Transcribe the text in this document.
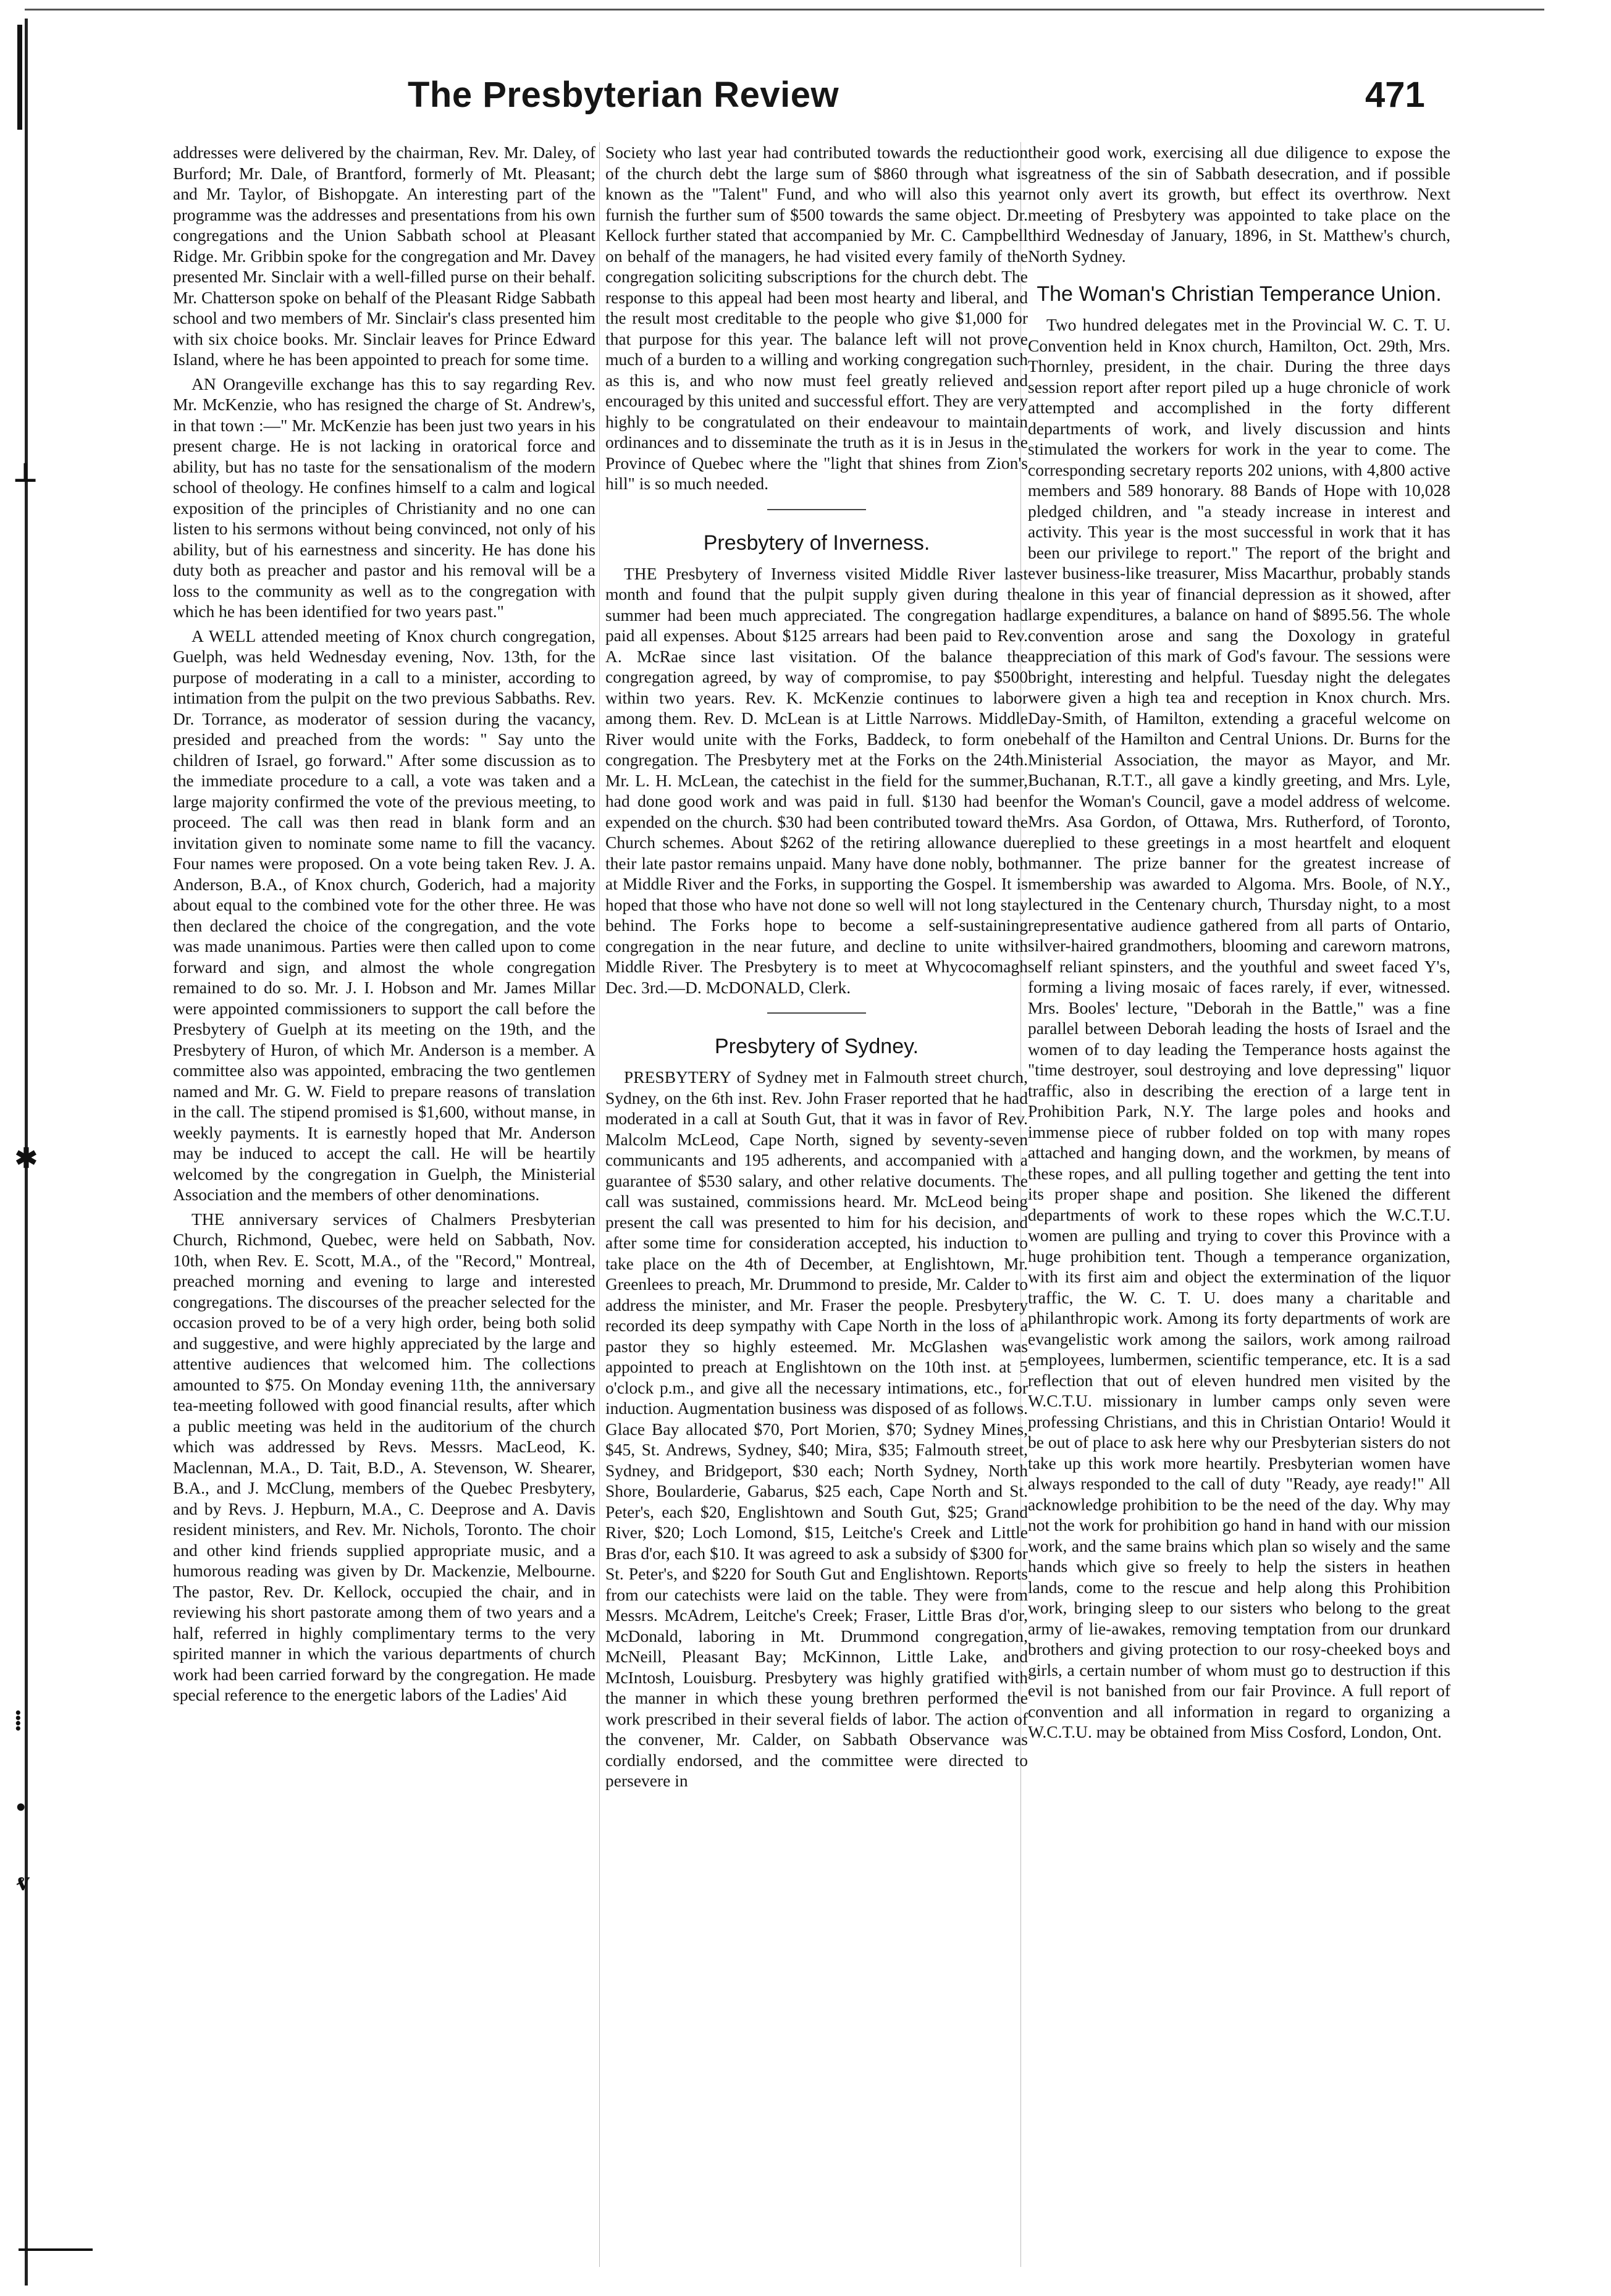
⊥
✱
⁞
•
ⱴ
The Presbyterian Review	471

addresses were delivered by the chairman, Rev. Mr. Daley, of Burford; Mr. Dale, of Brantford, formerly of Mt. Pleasant; and Mr. Taylor, of Bishopgate. An interesting part of the programme was the addresses and presentations from his own congregations and the Union Sabbath school at Pleasant Ridge. Mr. Gribbin spoke for the congregation and Mr. Davey presented Mr. Sinclair with a well-filled purse on their behalf. Mr. Chatterson spoke on behalf of the Pleasant Ridge Sabbath school and two members of Mr. Sinclair's class presented him with six choice books. Mr. Sinclair leaves for Prince Edward Island, where he has been appointed to preach for some time.

AN Orangeville exchange has this to say regarding Rev. Mr. McKenzie, who has resigned the charge of St. Andrew's, in that town :—" Mr. McKenzie has been just two years in his present charge. He is not lacking in oratorical force and ability, but has no taste for the sensationalism of the modern school of theology. He confines himself to a calm and logical exposition of the principles of Christianity and no one can listen to his sermons without being convinced, not only of his ability, but of his earnestness and sincerity. He has done his duty both as preacher and pastor and his removal will be a loss to the community as well as to the congregation with which he has been identified for two years past."

A WELL attended meeting of Knox church congregation, Guelph, was held Wednesday evening, Nov. 13th, for the purpose of moderating in a call to a minister, according to intimation from the pulpit on the two previous Sabbaths. Rev. Dr. Torrance, as moderator of session during the vacancy, presided and preached from the words: " Say unto the children of Israel, go forward." After some discussion as to the immediate procedure to a call, a vote was taken and a large majority confirmed the vote of the previous meeting, to proceed. The call was then read in blank form and an invitation given to nominate some name to fill the vacancy. Four names were proposed. On a vote being taken Rev. J. A. Anderson, B.A., of Knox church, Goderich, had a majority about equal to the combined vote for the other three. He was then declared the choice of the congregation, and the vote was made unanimous. Parties were then called upon to come forward and sign, and almost the whole congregation remained to do so. Mr. J. I. Hobson and Mr. James Millar were appointed commissioners to support the call before the Presbytery of Guelph at its meeting on the 19th, and the Presbytery of Huron, of which Mr. Anderson is a member. A committee also was appointed, embracing the two gentlemen named and Mr. G. W. Field to prepare reasons of translation in the call. The stipend promised is $1,600, without manse, in weekly payments. It is earnestly hoped that Mr. Anderson may be induced to accept the call. He will be heartily welcomed by the congregation in Guelph, the Ministerial Association and the members of other denominations.

THE anniversary services of Chalmers Presbyterian Church, Richmond, Quebec, were held on Sabbath, Nov. 10th, when Rev. E. Scott, M.A., of the "Record," Montreal, preached morning and evening to large and interested congregations. The discourses of the preacher selected for the occasion proved to be of a very high order, being both solid and suggestive, and were highly appreciated by the large and attentive audiences that welcomed him. The collections amounted to $75. On Monday evening 11th, the anniversary tea-meeting followed with good financial results, after which a public meeting was held in the auditorium of the church which was addressed by Revs. Messrs. MacLeod, K. Maclennan, M.A., D. Tait, B.D., A. Stevenson, W. Shearer, B.A., and J. McClung, members of the Quebec Presbytery, and by Revs. J. Hepburn, M.A., C. Deeprose and A. Davis resident ministers, and Rev. Mr. Nichols, Toronto. The choir and other kind friends supplied appropriate music, and a humorous reading was given by Dr. Mackenzie, Melbourne. The pastor, Rev. Dr. Kellock, occupied the chair, and in reviewing his short pastorate among them of two years and a half, referred in highly complimentary terms to the very spirited manner in which the various departments of church work had been carried forward by the congregation. He made special reference to the energetic labors of the Ladies' Aid

Society who last year had contributed towards the reduction of the church debt the large sum of $860 through what is known as the "Talent" Fund, and who will also this year furnish the further sum of $500 towards the same object. Dr. Kellock further stated that accompanied by Mr. C. Campbell on behalf of the managers, he had visited every family of the congregation soliciting subscriptions for the church debt. The response to this appeal had been most hearty and liberal, and the result most creditable to the people who give $1,000 for that purpose for this year. The balance left will not prove much of a burden to a willing and working congregation such as this is, and who now must feel greatly relieved and encouraged by this united and successful effort. They are very highly to be congratulated on their endeavour to maintain ordinances and to disseminate the truth as it is in Jesus in the Province of Quebec where the "light that shines from Zion's hill" is so much needed.

Presbytery of Inverness.

THE Presbytery of Inverness visited Middle River last month and found that the pulpit supply given during the summer had been much appreciated. The congregation had paid all expenses. About $125 arrears had been paid to Rev. A. McRae since last visitation. Of the balance the congregation agreed, by way of compromise, to pay $500 within two years. Rev. K. McKenzie continues to labor among them. Rev. D. McLean is at Little Narrows. Middle River would unite with the Forks, Baddeck, to form one congregation. The Presbytery met at the Forks on the 24th. Mr. L. H. McLean, the catechist in the field for the summer, had done good work and was paid in full. $130 had been expended on the church. $30 had been contributed toward the Church schemes. About $262 of the retiring allowance due their late pastor remains unpaid. Many have done nobly, both at Middle River and the Forks, in supporting the Gospel. It is hoped that those who have not done so well will not long stay behind. The Forks hope to become a self-sustaining congregation in the near future, and decline to unite with Middle River. The Presbytery is to meet at Whycocomagh Dec. 3rd.—D. McDONALD, Clerk.

Presbytery of Sydney.

PRESBYTERY of Sydney met in Falmouth street church, Sydney, on the 6th inst. Rev. John Fraser reported that he had moderated in a call at South Gut, that it was in favor of Rev. Malcolm McLeod, Cape North, signed by seventy-seven communicants and 195 adherents, and accompanied with a guarantee of $530 salary, and other relative documents. The call was sustained, commissions heard. Mr. McLeod being present the call was presented to him for his decision, and after some time for consideration accepted, his induction to take place on the 4th of December, at Englishtown, Mr. Greenlees to preach, Mr. Drummond to preside, Mr. Calder to address the minister, and Mr. Fraser the people. Presbytery recorded its deep sympathy with Cape North in the loss of a pastor they so highly esteemed. Mr. McGlashen was appointed to preach at Englishtown on the 10th inst. at 5 o'clock p.m., and give all the necessary intimations, etc., for induction. Augmentation business was disposed of as follows. Glace Bay allocated $70, Port Morien, $70; Sydney Mines, $45, St. Andrews, Sydney, $40; Mira, $35; Falmouth street, Sydney, and Bridgeport, $30 each; North Sydney, North Shore, Boularderie, Gabarus, $25 each, Cape North and St. Peter's, each $20, Englishtown and South Gut, $25; Grand River, $20; Loch Lomond, $15, Leitche's Creek and Little Bras d'or, each $10. It was agreed to ask a subsidy of $300 for St. Peter's, and $220 for South Gut and Englishtown. Reports from our catechists were laid on the table. They were from Messrs. McAdrem, Leitche's Creek; Fraser, Little Bras d'or, McDonald, laboring in Mt. Drummond congregation, McNeill, Pleasant Bay; McKinnon, Little Lake, and McIntosh, Louisburg. Presbytery was highly gratified with the manner in which these young brethren performed the work prescribed in their several fields of labor. The action of the convener, Mr. Calder, on Sabbath Observance was cordially endorsed, and the committee were directed to persevere in

their good work, exercising all due diligence to expose the greatness of the sin of Sabbath desecration, and if possible not only avert its growth, but effect its overthrow. Next meeting of Presbytery was appointed to take place on the third Wednesday of January, 1896, in St. Matthew's church, North Sydney.

The Woman's Christian Temperance Union.

Two hundred delegates met in the Provincial W. C. T. U. Convention held in Knox church, Hamilton, Oct. 29th, Mrs. Thornley, president, in the chair. During the three days session report after report piled up a huge chronicle of work attempted and accomplished in the forty different departments of work, and lively discussion and hints stimulated the workers for work in the year to come. The corresponding secretary reports 202 unions, with 4,800 active members and 589 honorary. 88 Bands of Hope with 10,028 pledged children, and "a steady increase in interest and activity. This year is the most successful in work that it has been our privilege to report." The report of the bright and ever business-like treasurer, Miss Macarthur, probably stands alone in this year of financial depression as it showed, after large expenditures, a balance on hand of $895.56. The whole convention arose and sang the Doxology in grateful appreciation of this mark of God's favour. The sessions were bright, interesting and helpful. Tuesday night the delegates were given a high tea and reception in Knox church. Mrs. Day-Smith, of Hamilton, extending a graceful welcome on behalf of the Hamilton and Central Unions. Dr. Burns for the Ministerial Association, the mayor as Mayor, and Mr. Buchanan, R.T.T., all gave a kindly greeting, and Mrs. Lyle, for the Woman's Council, gave a model address of welcome. Mrs. Asa Gordon, of Ottawa, Mrs. Rutherford, of Toronto, replied to these greetings in a most heartfelt and eloquent manner. The prize banner for the greatest increase of membership was awarded to Algoma. Mrs. Boole, of N.Y., lectured in the Centenary church, Thursday night, to a most representative audience gathered from all parts of Ontario, silver-haired grandmothers, blooming and careworn matrons, self reliant spinsters, and the youthful and sweet faced Y's, forming a living mosaic of faces rarely, if ever, witnessed. Mrs. Booles' lecture, "Deborah in the Battle," was a fine parallel between Deborah leading the hosts of Israel and the women of to day leading the Temperance hosts against the "time destroyer, soul destroying and love depressing" liquor traffic, also in describing the erection of a large tent in Prohibition Park, N.Y. The large poles and hooks and immense piece of rubber folded on top with many ropes attached and hanging down, and the workmen, by means of these ropes, and all pulling together and getting the tent into its proper shape and position. She likened the different departments of work to these ropes which the W.C.T.U. women are pulling and trying to cover this Province with a huge prohibition tent. Though a temperance organization, with its first aim and object the extermination of the liquor traffic, the W. C. T. U. does many a charitable and philanthropic work. Among its forty departments of work are evangelistic work among the sailors, work among railroad employees, lumbermen, scientific temperance, etc. It is a sad reflection that out of eleven hundred men visited by the W.C.T.U. missionary in lumber camps only seven were professing Christians, and this in Christian Ontario! Would it be out of place to ask here why our Presbyterian sisters do not take up this work more heartily. Presbyterian women have always responded to the call of duty "Ready, aye ready!" All acknowledge prohibition to be the need of the day. Why may not the work for prohibition go hand in hand with our mission work, and the same brains which plan so wisely and the same hands which give so freely to help the sisters in heathen lands, come to the rescue and help along this Prohibition work, bringing sleep to our sisters who belong to the great army of lie-awakes, removing temptation from our drunkard brothers and giving protection to our rosy-cheeked boys and girls, a certain number of whom must go to destruction if this evil is not banished from our fair Province. A full report of convention and all information in regard to organizing a W.C.T.U. may be obtained from Miss Cosford, London, Ont.
